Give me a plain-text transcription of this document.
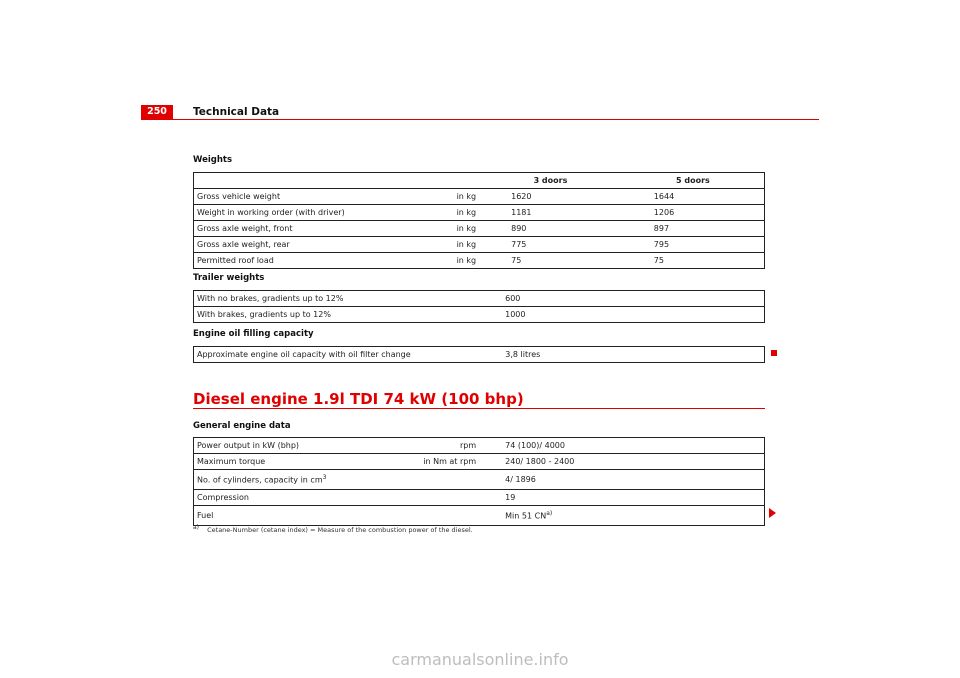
250	Technical Data
Weights
		3 doors	5 doors
Gross vehicle weight	in kg	1620	1644
Weight in working order (with driver)	in kg	1181	1206
Gross axle weight, front	in kg	890	897
Gross axle weight, rear	in kg	775	795
Permitted roof load	in kg	75	75
Trailer weights
With no brakes, gradients up to 12%	600
With brakes, gradients up to 12%	1000
Engine oil filling capacity
Approximate engine oil capacity with oil filter change	3,8 litres
Diesel engine 1.9l TDI 74 kW (100 bhp)
General engine data
Power output in kW (bhp)	rpm	74 (100)/ 4000
Maximum torque	in Nm at rpm	240/ 1800 - 2400
No. of cylinders, capacity in $cm^3$		4/ 1896
Compression		19
Fuel		Min 51 CN$^{a)}$
$^{a)}$ Cetane-Number (cetane index) = Measure of the combustion power of the diesel.
carmanualsonline.info
